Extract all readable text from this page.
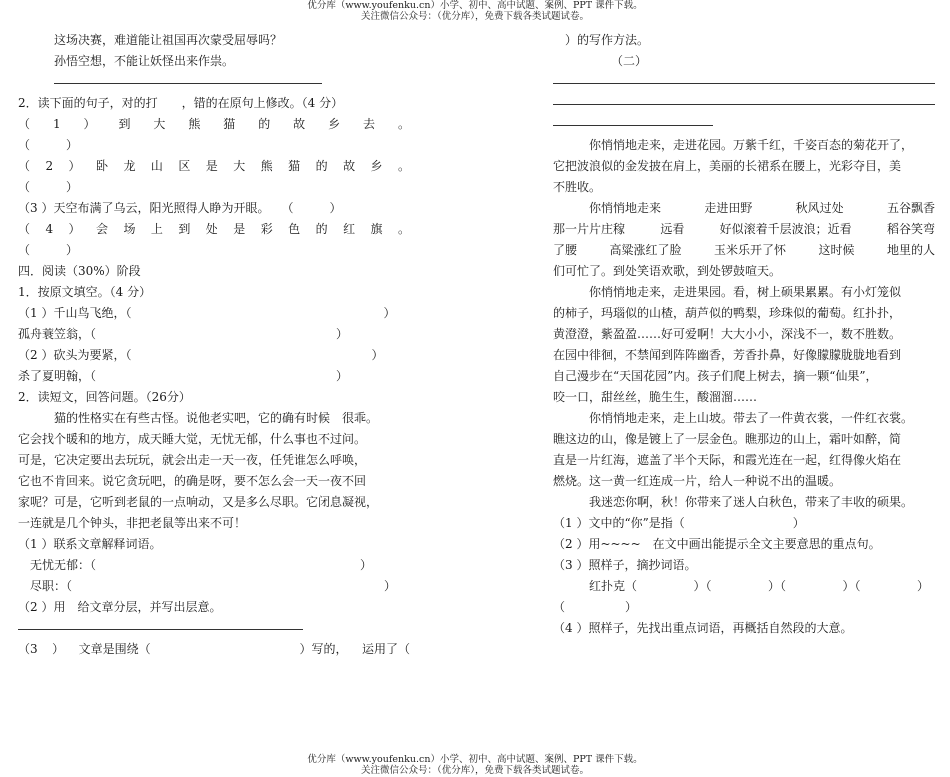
优分库（www.youfenku.cn）小学、初中、高中试题、案例、PPT 课件下载。
关注微信公众号：（优分库），免费下载各类试题试卷。
这场决赛，难道能让祖国再次蒙受屈辱吗？
孙悟空想，不能让妖怪出来作祟。
2．读下面的句子，对的打　　，错的在原句上修改。（4 分）
（ 1 ） 到 大 熊 猫 的 故 乡 去 。
（　　　）
（ 2 ） 卧 龙 山 区 是 大 熊 猫 的 故 乡 。
（　　　）
（3 ）天空布满了乌云，阳光照得人睁为开眼。　　（　　　）
（ 4 ） 会 场 上 到 处 是 彩 色 的 红 旗 。
（　　　）
四．阅读（30%）阶段
1．按原文填空。（4 分）
（1 ）千山鸟飞绝，（　　　　　　　　　　　　　　　　　　　　　）
孤舟蓑笠翁，（　　　　　　　　　　　　　　　　　　　　）
（2 ）砍头为要紧，（　　　　　　　　　　　　　　　　　　　　）
杀了夏明翰，（　　　　　　　　　　　　　　　　　　　　）
2．读短文，回答问题。（26分）
猫的性格实在有些古怪。说他老实吧，它的确有时候　很乖。
它会找个暖和的地方，成天睡大觉，无忧无郁，什么事也不过问。
可是，它决定要出去玩玩，就会出走一天一夜，任凭谁怎么呼唤，
它也不肯回来。说它贪玩吧，的确是呀，要不怎么会一天一夜不回
家呢？可是，它听到老鼠的一点响动，又是多么尽职。它闭息凝视，
一连就是几个钟头，非把老鼠等出来不可！
（1 ）联系文章解释词语。
无忧无郁：（　　　　　　　　　　　　　　　　　　　　　　）
尽职：（　　　　　　　　　　　　　　　　　　　　　　　　　　）
（2 ）用　给文章分层，并写出层意。
（3 ） 文章是围绕（	）写的， 运用了（
）的写作方法。
（二）
你悄悄地走来，走进花园。万紫千红，千姿百态的菊花开了，
它把波浪似的金发披在肩上，美丽的长裙系在腰上，光彩夺目，美
不胜收。
你悄悄地走来	走进田野	秋风过处	五谷飘香
那一片片庄稼	远看	好似滚着千层波浪；近看	稻谷笑弯
了腰	高粱涨红了脸	玉米乐开了怀	这时候	地里的人
们可忙了。到处笑语欢歌，到处锣鼓喧天。
你悄悄地走来，走进果园。看，树上硕果累累。有小灯笼似
的柿子，玛瑙似的山楂，葫芦似的鸭梨，珍珠似的葡萄。红扑扑，
黄澄澄，紫盈盈……好可爱啊！大大小小，深浅不一，数不胜数。
在园中徘徊，不禁闻到阵阵幽香，芳香扑鼻，好像朦朦胧胧地看到
自己漫步在“天国花园”内。孩子们爬上树去，摘一颗“仙果”，
咬一口，甜丝丝，脆生生，酸溜溜……
你悄悄地走来，走上山坡。带去了一件黄衣裳，一件红衣裳。
瞧这边的山，像是镀上了一层金色。瞧那边的山上，霜叶如醉，简
直是一片红海，遮盖了半个天际，和霞光连在一起，红得像火焰在
燃烧。这一黄一红连成一片，给人一种说不出的温暖。
我迷恋你啊，秋！你带来了迷人白秋色，带来了丰收的硕果。
（1 ）文中的“你”是指（　　　　　　　　　）
（2 ）用~~~~　在文中画出能提示全文主要意思的重点句。
（3 ）照样子，摘抄词语。
红扑克（	）（	）（	）（	）
（　　　　　）
（4 ）照样子，先找出重点词语，再概括自然段的大意。
优分库（www.youfenku.cn）小学、初中、高中试题、案例、PPT 课件下载。
关注微信公众号：（优分库），免费下载各类试题试卷。
